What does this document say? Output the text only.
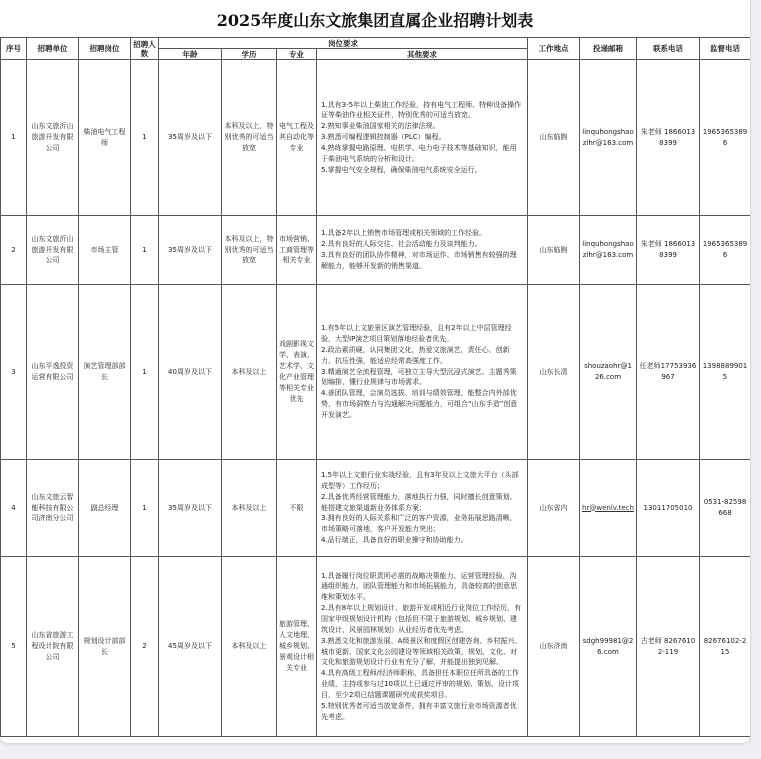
2025年度山东文旅集团直属企业招聘计划表
序号	招聘单位	招聘岗位	招聘人数	岗位要求				工作地点	投递邮箱	联系电话	监督电话
				年龄	学历	专业	其他要求				
1	山东文旅沂山旅游开发有限公司	柴油电气工程师	1	35周岁及以下	本科及以上，特别优秀的可适当放宽	电气工程及其自动化等专业	1.具有3-5年以上柴油工作经验，持有电气工程师、特种设备操作证等柴油作业相关证件，特别优秀的可适当放宽。
2.熟知事业柴油国家相关的法律法规。
3.熟悉可编程逻辑控制器（PLC）编程。
4.熟练掌握电路原理、电机学、电力电子技术等基础知识，能用于柴油电气系统的分析和设计。
5.掌握电气安全规程，确保柴油电气系统安全运行。	山东临朐	linquhongshaozihr@163.com	朱老师 18660138399	19653653896
2	山东文旅沂山旅游开发有限公司	市场主管	1	35周岁及以下	本科及以上，特别优秀的可适当放宽	市场营销、工商管理等相关专业	1.具备2年以上销售市场管理或相关领域的工作经验。
2.具有良好的人际交往、社会活动能力及谈判能力。
3.具有良好的团队协作精神，对市场运作、市场销售有较强的理解能力，能够开发新的销售渠道。	山东临朐	linquhongshaozihr@163.com	朱老师 18660138399	19653653896
3	山东平逸投资运营有限公司	演艺管理部部长	1	40周岁及以下	本科及以上	戏剧影视文学、表演、艺术学、文化产业管理等相关专业优先	1.有5年以上文旅景区演艺管理经验，且有2年以上中层管理经验，大型IP演艺项目策划落地经验者优先。
2.政治素质硬，认同集团文化，热爱文旅演艺，责任心、创新力、抗压性强，能适应经常高强度工作。
3.精通演艺全流程管理，可独立主导大型沉浸式演艺、主题秀策划编排，懂行业规律与市场需求。
4.善团队管理，会演员选拔、培训与绩效管理，能整合内外部优势，有市场洞察力与沟通解决问题能力，可组合“山东手造”创意开发演艺。	山东长清	shouzaohr@126.com	任老师17753936967	13988899015
4	山东文旅云智能科技有限公司济南分公司	副总经理	1	35周岁及以下	本科及以上	不限	1.5年以上文旅行业实战经验，且有3年及以上文旅大平台（头部成型等）工作经历；
2.具备优秀经营管理能力，落地执行力强，同时擅长创意策划、能搭建文旅渠道新业务体系方案；
3.拥有良好的人际关系和广泛的客户资源，业务拓展思路清晰，市场策略可落地，客户开发能力突出；
4.品行端正，具备良好的职业操守和协助能力。	山东省内	hr@wenlv.tech	13011705010	0531-82598668
5	山东省旅游工程设计院有限公司	规划设计部部长	2	45周岁及以下	本科及以上	旅游管理、人文地理、城乡规划、景观设计相关专业	1.具备履行岗位职责所必需的战略决策能力、运营管理经验，沟通组织能力、团队管理能力和市场拓展能力，具备较高的创意思维和策划水平。
2.具有8年以上规划设计、旅游开发或相近行业岗位工作经历，有国家甲级规划设计机构（包括但不限于旅游规划、城乡规划、建筑设计、风景园林规划）从业经历者优先考虑。
3.熟悉文化和旅游发展、A级景区和度假区创建咨询、乡村振兴、城市更新、国家文化公园建设等领域相关政策，规划、文化、对文化和旅游规划设计行业有充分了解，并能提出独到见解。
4.具有高级工程师/经济师职称，具备担任本职位任所具备的工作业绩，主持或参与过10项以上已通过评审的规划、策划、设计项目，至少2项已结题课题研究或获奖项目。
5.特别优秀者可适当放宽条件，拥有丰富文旅行业市场资源者优先考虑。	山东济南	sdgh99981@26.com	古老师 82676102-119	82676102-215
